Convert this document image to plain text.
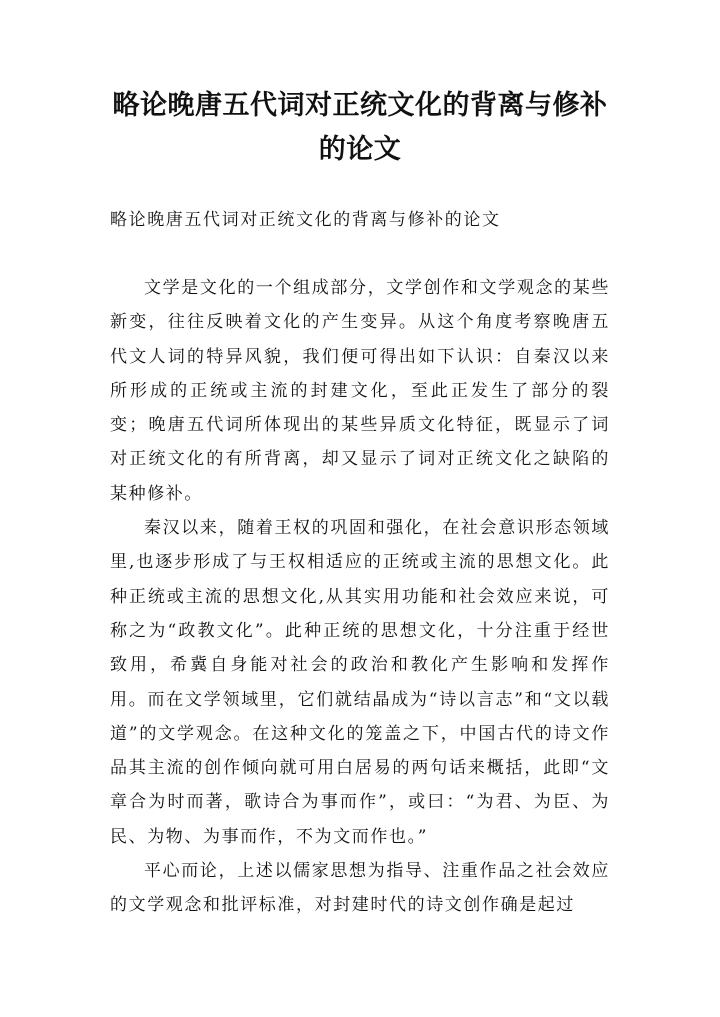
略论晚唐五代词对正统文化的背离与修补的论文

略论晚唐五代词对正统文化的背离与修补的论文

文学是文化的一个组成部分，文学创作和文学观念的某些新变，往往反映着文化的产生变异。从这个角度考察晚唐五代文人词的特异风貌，我们便可得出如下认识：自秦汉以来所形成的正统或主流的封建文化，至此正发生了部分的裂变；晚唐五代词所体现出的某些异质文化特征，既显示了词对正统文化的有所背离，却又显示了词对正统文化之缺陷的某种修补。

秦汉以来，随着王权的巩固和强化，在社会意识形态领域里,也逐步形成了与王权相适应的正统或主流的思想文化。此种正统或主流的思想文化,从其实用功能和社会效应来说，可称之为“政教文化”。此种正统的思想文化，十分注重于经世致用，希冀自身能对社会的政治和教化产生影响和发挥作用。而在文学领域里，它们就结晶成为“诗以言志”和“文以载道”的文学观念。在这种文化的笼盖之下，中国古代的诗文作品其主流的创作倾向就可用白居易的两句话来概括，此即“文章合为时而著，歌诗合为事而作”，或曰：“为君、为臣、为民、为物、为事而作，不为文而作也。”

平心而论，上述以儒家思想为指导、注重作品之社会效应的文学观念和批评标准，对封建时代的诗文创作确是起过
